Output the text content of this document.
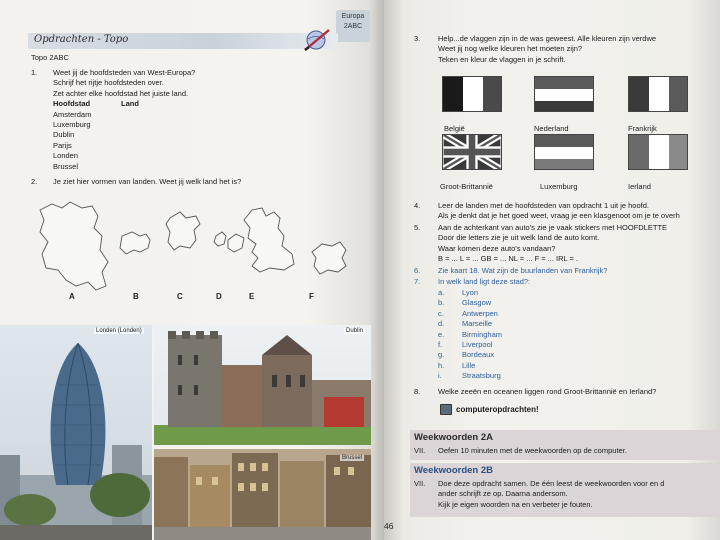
Europa
2ABC
Opdrachten - Topo
Topo 2ABC
1. Weet jij de hoofdsteden van West-Europa?
Schrijf het rijtje hoofdsteden over.
Zet achter elke hoofdstad het juiste land.
Hoofdstad	Land
Amsterdam
Luxemburg
Dublin
Parijs
Londen
Brussel
2. Je ziet hier vormen van landen. Weet jij welk land het is?
A	B	C	D	E	F
Londen (Londen)	Dublin
Brussel
46
3. Help...de vlaggen zijn in de was geweest. Alle kleuren zijn verdwe
Weet jij nog welke kleuren het moeten zijn?
Teken en kleur de vlaggen in je schrift.
België	Nederland	Frankrijk
Groot-Brittannië	Luxemburg	Ierland
4. Leer de landen met de hoofdsteden van opdracht 1 uit je hoofd.
Als je denkt dat je het goed weet, vraag je een klasgenoot om je te overh
5. Aan de achterkant van auto's zie je vaak stickers met HOOFDLETTE
Door die letters zie je uit welk land de auto komt.
Waar komen deze auto's vandaan?
B = ... L = ... GB = ... NL = ... F = ... IRL = .
6. Zie kaart 18. Wat zijn de buurlanden van Frankrijk?
7. In welk land ligt deze stad?:
a. Lyon
b. Glasgow
c. Antwerpen
d. Marseille
e. Birmingham
f.	Liverpool
g. Bordeaux
h. Lille
i.	Straatsburg
8. Welke zeeën en oceanen liggen rond Groot-Brittannië en Ierland?
computeropdrachten!
Weekwoorden 2A
VII. Oefen 10 minuten met de weekwoorden op de computer.
Weekwoorden 2B
VII. Doe deze opdracht samen. De één leest de weekwoorden voor en d
ander schrijft ze op. Daarna andersom.
Kijk je eigen woorden na en verbeter je fouten.
